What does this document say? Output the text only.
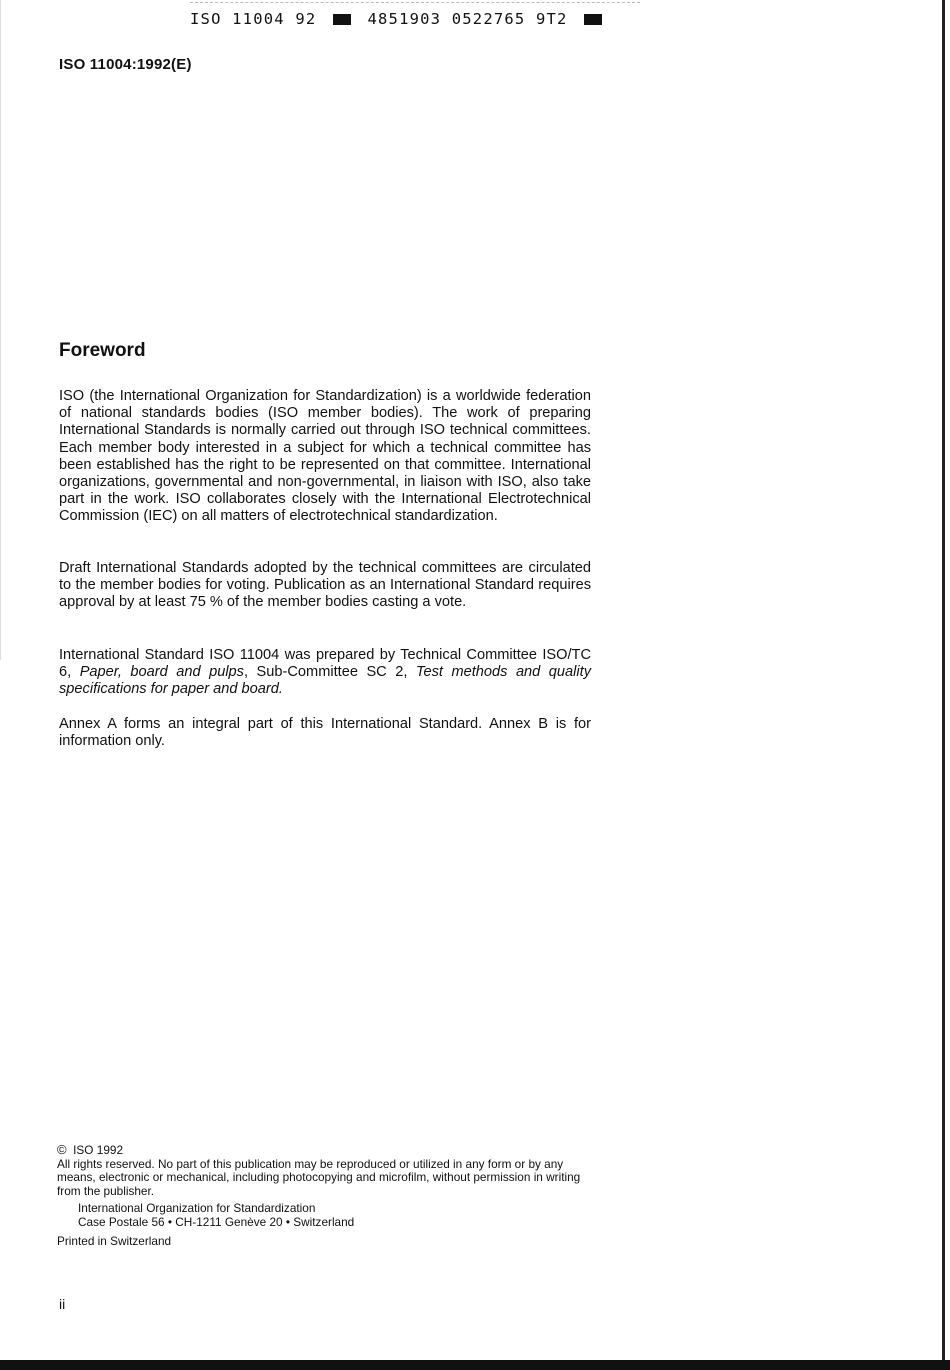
ISO 11004 92	4851903 0522765 9T2
ISO 11004:1992(E)
Foreword

ISO (the International Organization for Standardization) is a worldwide federation of national standards bodies (ISO member bodies). The work of preparing International Standards is normally carried out through ISO technical committees. Each member body interested in a subject for which a technical committee has been established has the right to be represented on that committee. International organizations, governmental and non-governmental, in liaison with ISO, also take part in the work. ISO collaborates closely with the International Electrotechnical Commission (IEC) on all matters of electrotechnical standardization.

Draft International Standards adopted by the technical committees are circulated to the member bodies for voting. Publication as an International Standard requires approval by at least 75 % of the member bodies casting a vote.

International Standard ISO 11004 was prepared by Technical Committee ISO/TC 6, Paper, board and pulps, Sub-Committee SC 2, Test methods and quality specifications for paper and board.

Annex A forms an integral part of this International Standard. Annex B is for information only.

© ISO 1992
All rights reserved. No part of this publication may be reproduced or utilized in any form or by any means, electronic or mechanical, including photocopying and microfilm, without permission in writing from the publisher.
International Organization for Standardization
Case Postale 56 • CH-1211 Genève 20 • Switzerland
Printed in Switzerland
ii
